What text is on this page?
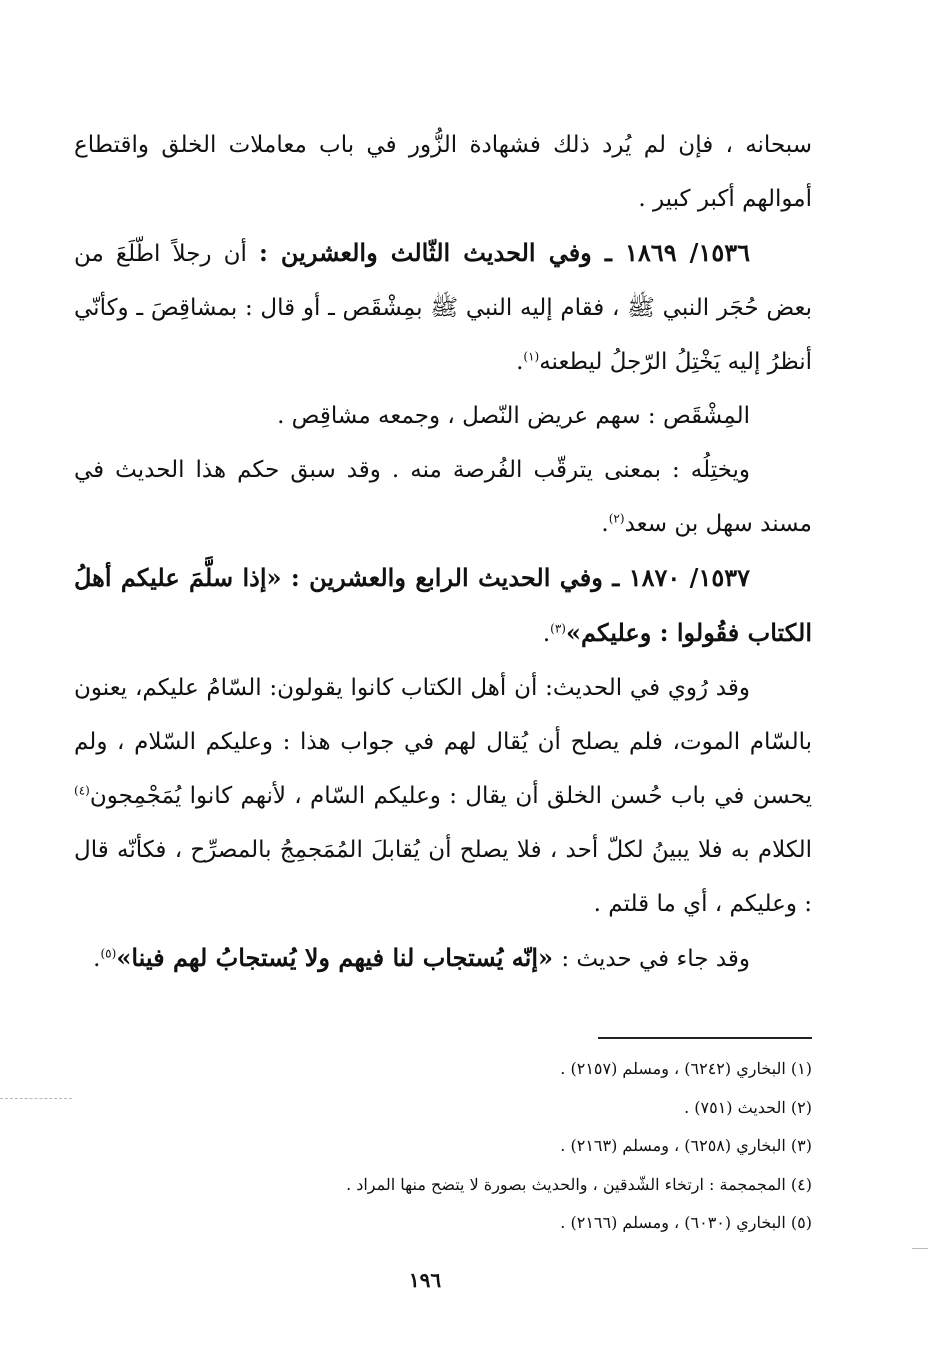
سبحانه ، فإن لم يُرد ذلك فشهادة الزُّور في باب معاملات الخلق واقتطاع أموالهم أكبر كبير .

١٥٣٦/ ١٨٦٩ ـ وفي الحديث الثّالث والعشرين : أن رجلاً اطّلَعَ من بعض حُجَر النبي ﷺ ، فقام إليه النبي ﷺ بمِشْقَص ـ أو قال : بمشاقِصَ ـ وكأنّي أنظرُ إليه يَخْتِلُ الرّجلُ ليطعنه$^{(١)}$.

المِشْقَص : سهم عريض النّصل ، وجمعه مشاقِص .

ويختِلُه : بمعنى يترقّب الفُرصة منه . وقد سبق حكم هذا الحديث في مسند سهل بن سعد$^{(٢)}$.

١٥٣٧/ ١٨٧٠ ـ وفي الحديث الرابع والعشرين : «إذا سلَّمَ عليكم أهلُ الكتاب فقُولوا : وعليكم»$^{(٣)}$.

وقد رُوي في الحديث: أن أهل الكتاب كانوا يقولون: السّامُ عليكم، يعنون بالسّام الموت، فلم يصلح أن يُقال لهم في جواب هذا : وعليكم السّلام ، ولم يحسن في باب حُسن الخلق أن يقال : وعليكم السّام ، لأنهم كانوا يُمَجْمِجون$^{(٤)}$ الكلام به فلا يبينُ لكلّ أحد ، فلا يصلح أن يُقابلَ المُمَجمِجُ بالمصرِّح ، فكأنّه قال : وعليكم ، أي ما قلتم .

وقد جاء في حديث : «إنّه يُستجاب لنا فيهم ولا يُستجابُ لهم فينا»$^{(٥)}$.

(١) البخاري (٦٢٤٢) ، ومسلم (٢١٥٧) .

(٢) الحديث (٧٥١) .

(٣) البخاري (٦٢٥٨) ، ومسلم (٢١٦٣) .

(٤) المجمجمة : ارتخاء الشّدقين ، والحديث بصورة لا يتضح منها المراد .

(٥) البخاري (٦٠٣٠) ، ومسلم (٢١٦٦) .

١٩٦
